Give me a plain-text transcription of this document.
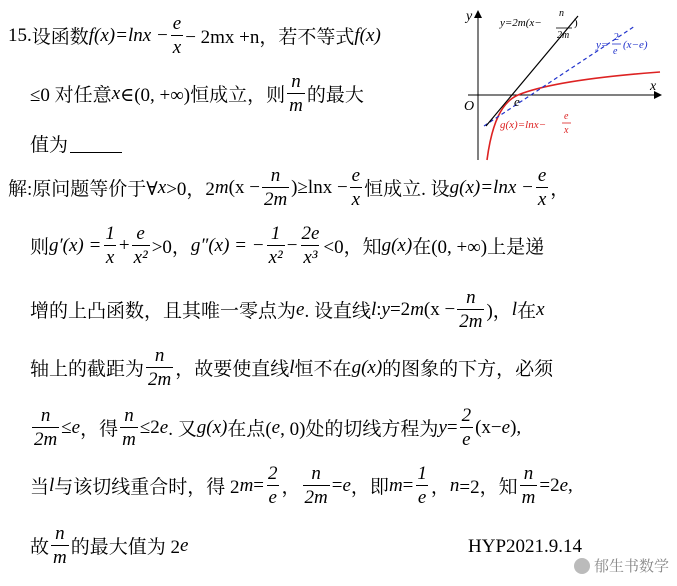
y
x
O	e
y=2m(x−
n
2m
)
y=
2
e
(x−e)
g(x)=lnx−
e
x
15. 设函数 $f(x)=\ln x - \frac{e}{x} - 2mx +n$，若不等式 f(x)
≤0 对任意 x ∈(0, +∞)恒成立，则
n
m 的最大
值为
解:原问题等价于∀ x >0，2 m $(x - \frac{n}{2m} )\ge\ln x - \frac{e}{x}$ 恒成立. 设 $g(x)=\ln x - \frac{e}{x}$ ，
则 $g'(x) = \frac{1}{x} + \frac{e}{\text{x²}} >0$， g″(x) = − $\frac{1}{\text{x²}} - \frac{2e}{\text{x³}} <0$，知 g(x) 在(0, +∞)上是递
增的上凸函数，且其唯一零点为 e . 设直线 l : y =2 m ($x - \frac{n}{2m}$ )， l 在 x
轴上的截距为
n
2m ，故要使直线 l 恒不在 g(x) 的图象的下方，必须
$\frac{n}{2m} \le e$ ，得 $\frac{n}{m} \le 2$ e . 又 g(x) 在点( e , 0)处的切线方程为 $y = \frac{2}{e} (x- e$ ),
当 l 与该切线重合时，得 2 $m = \frac{2}{e}$ ， $\frac{n}{2m} = e$ ，即 $m = \frac{1}{e}$ ， n =2，知 $\frac{n}{m} =2$ e ,
故
n
m 的最大值为 2 e	HYP2021.9.14
郁生书数学
